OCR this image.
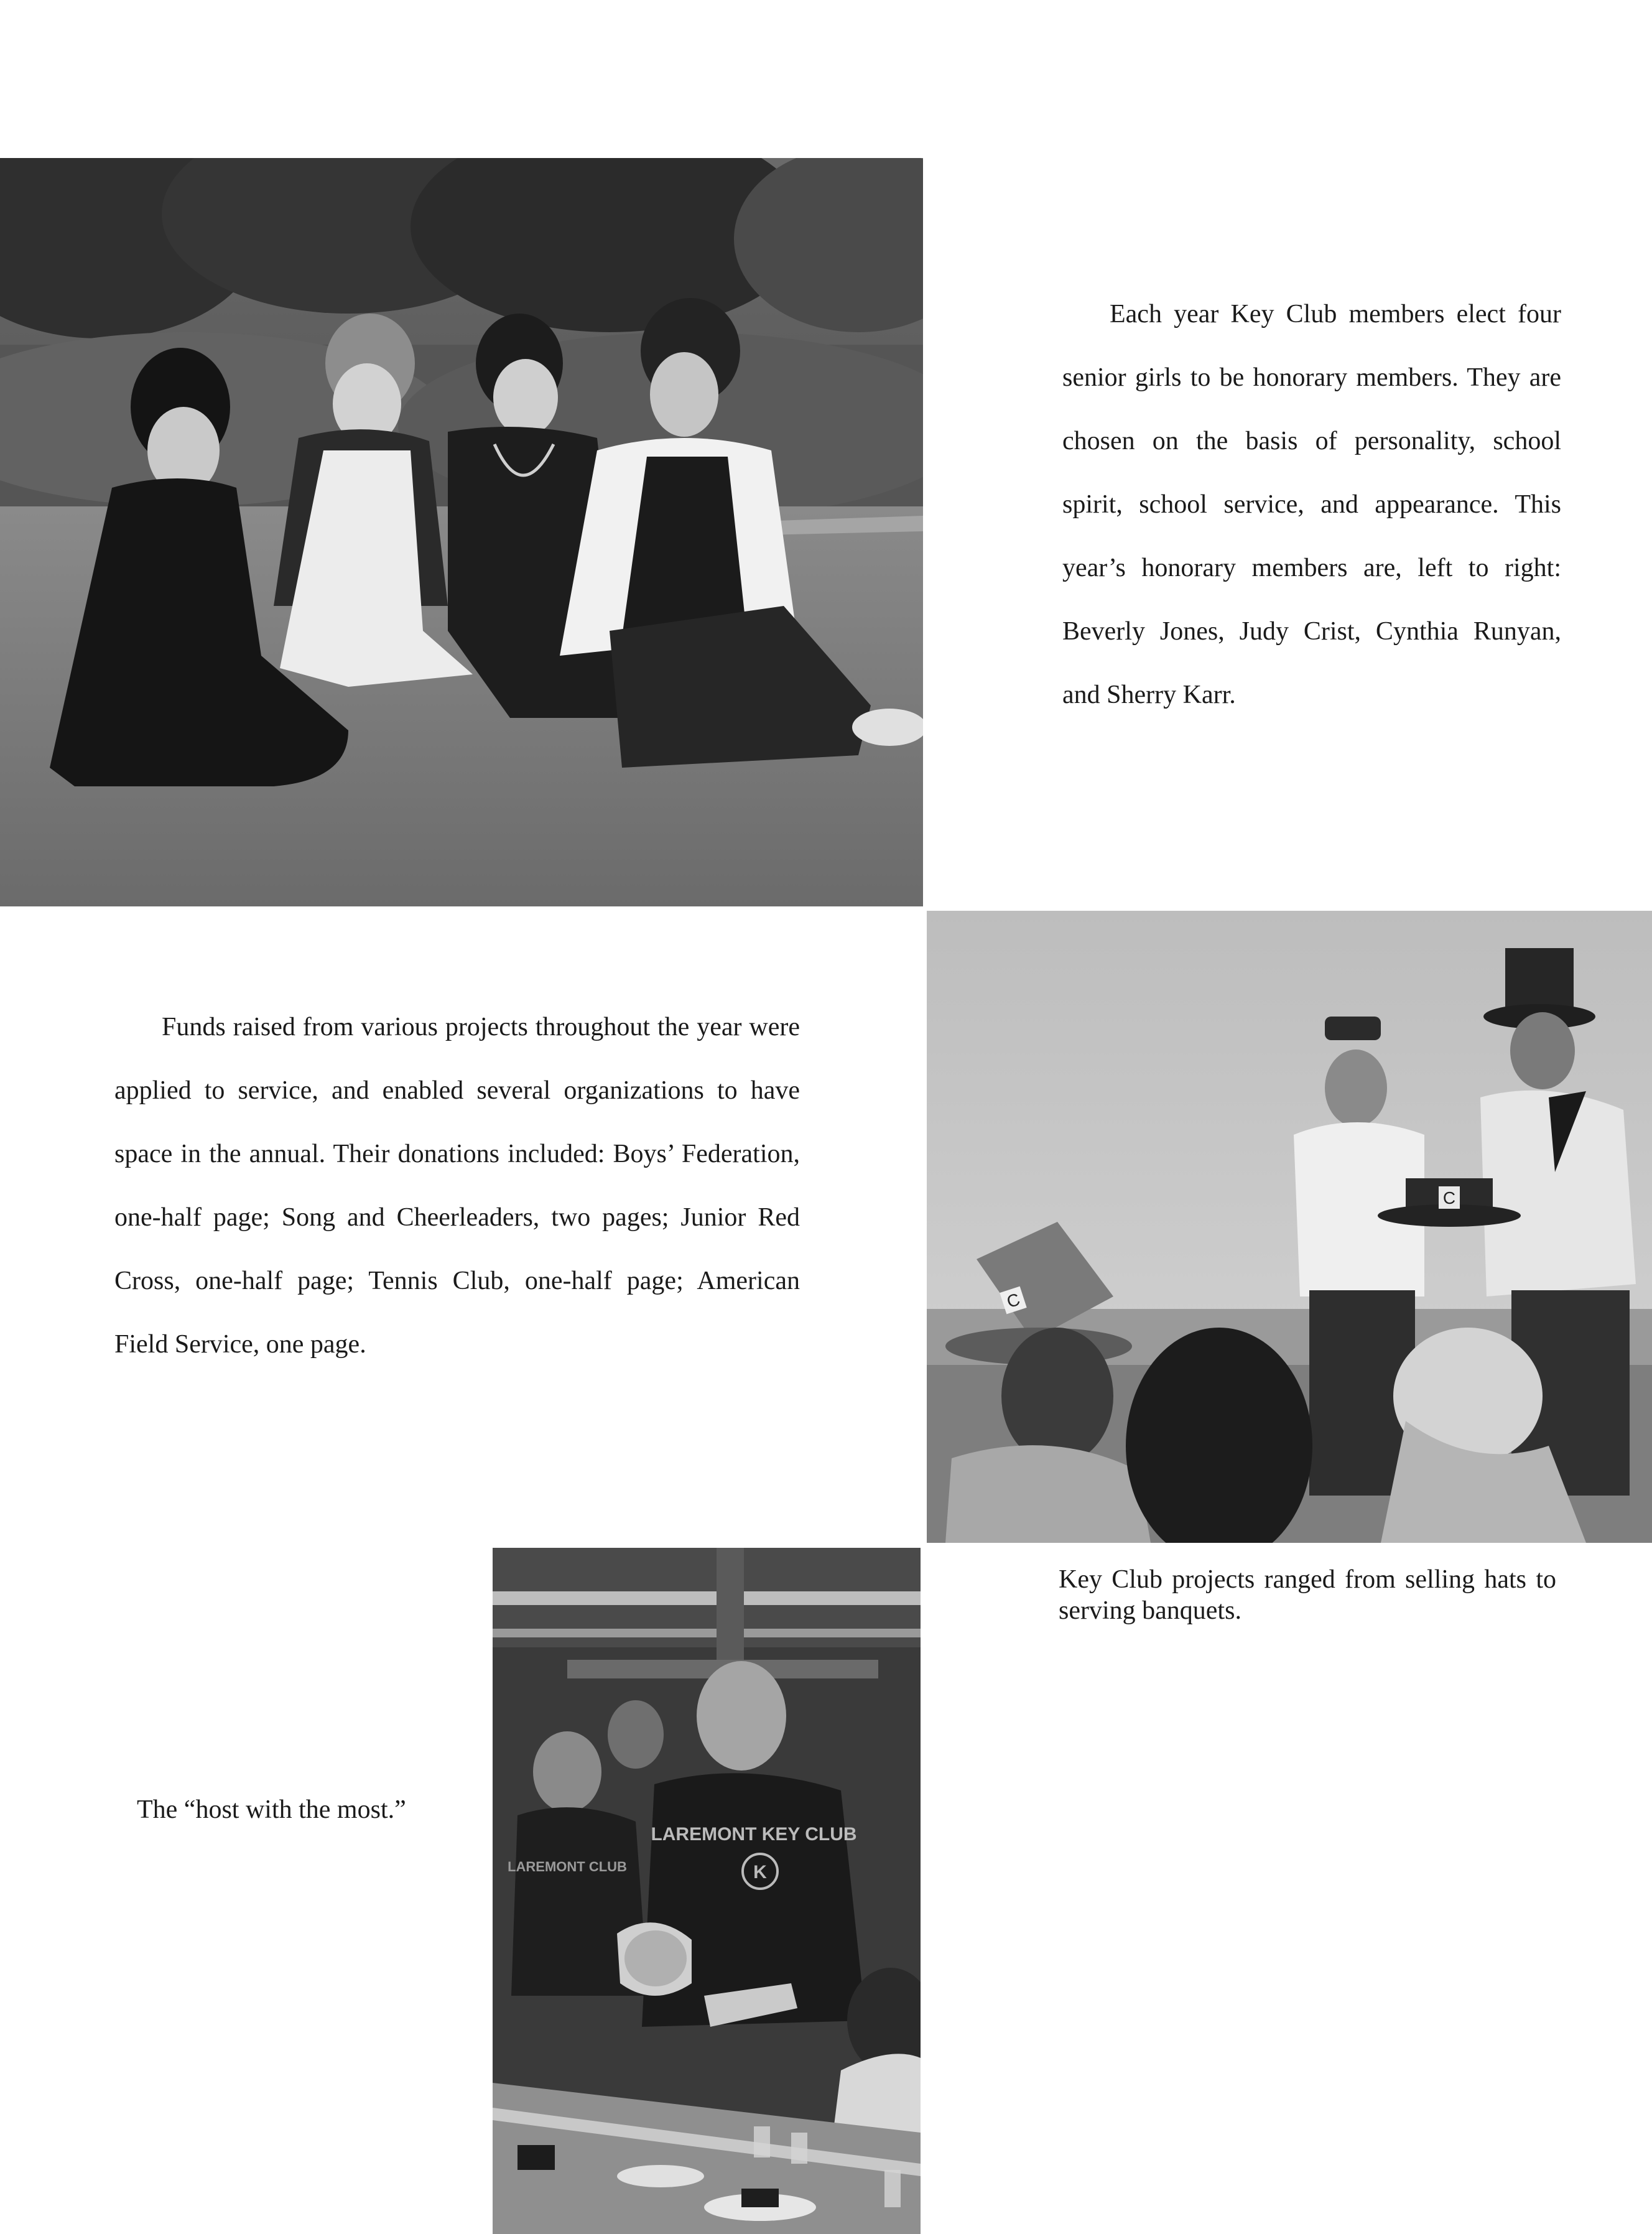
Each year Key Club members elect four senior girls to be honorary members. They are chosen on the basis of personality, school spirit, school service, and appearance. This year’s honorary members are, left to right: Beverly Jones, Judy Crist, Cynthia Runyan, and Sherry Karr.

Funds raised from various projects throughout the year were applied to service, and enabled several organizations to have space in the annual. Their donations included: Boys’ Federation, one-half page; Song and Cheerleaders, two pages; Junior Red Cross, one-half page; Tennis Club, one-half page; American Field Service, one page.

C
C

Key Club projects ranged from selling hats to serving banquets.

The “host with the most.”

LAREMONT KEY CLUB
K
LAREMONT CLUB
